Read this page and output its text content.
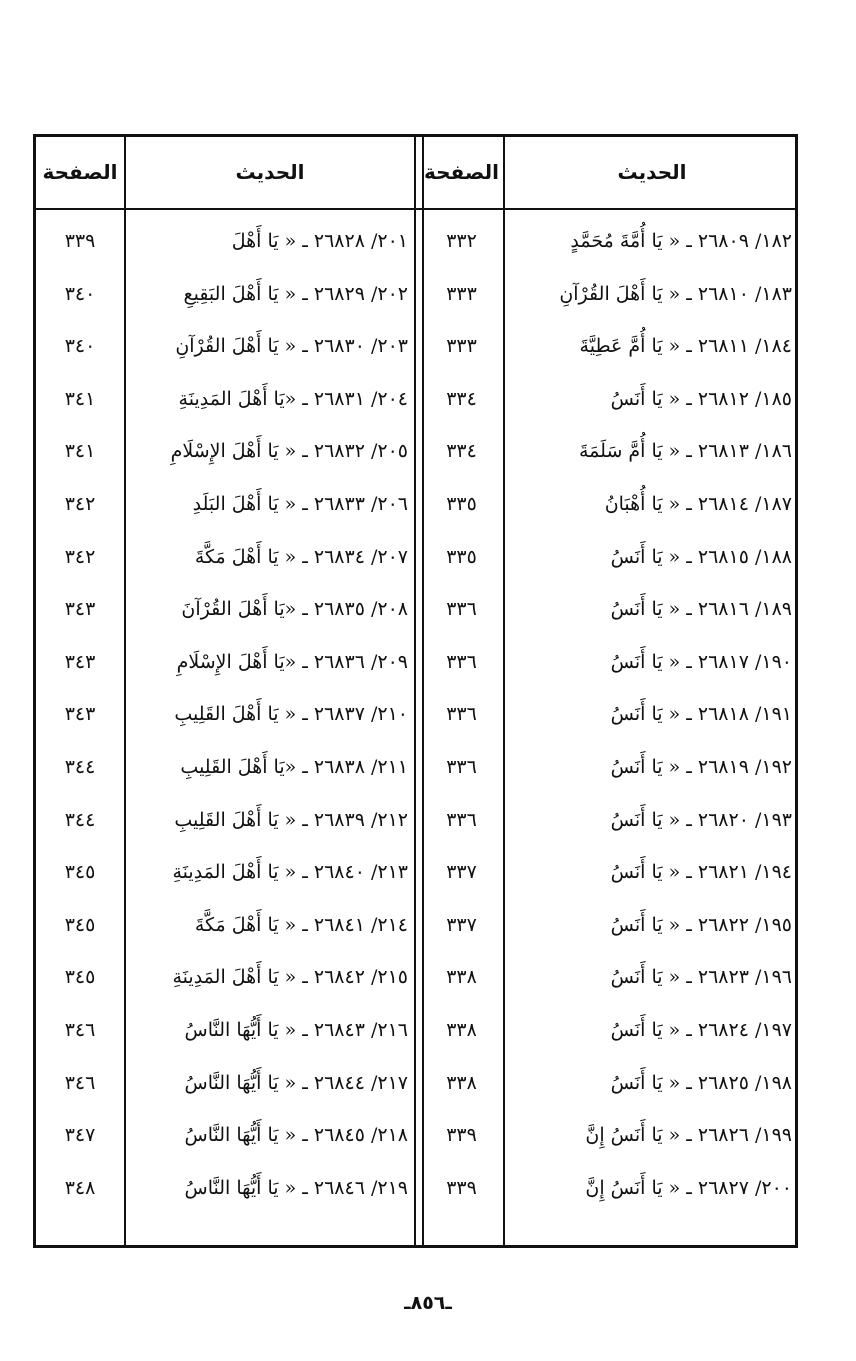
الحديث
الصفحة
الحديث
الصفحة
١٨٢/ ٢٦٨٠٩ ـ « يَا أُمَّةَ مُحَمَّدٍ
٣٣٢
٢٠١/ ٢٦٨٢٨ ـ « يَا أَهْلَ
٣٣٩
١٨٣/ ٢٦٨١٠ ـ « يَا أَهْلَ القُرْآنِ
٣٣٣
٢٠٢/ ٢٦٨٢٩ ـ « يَا أَهْلَ البَقِيعِ
٣٤٠
١٨٤/ ٢٦٨١١ ـ « يَا أُمَّ عَطِيَّةَ
٣٣٣
٢٠٣/ ٢٦٨٣٠ ـ « يَا أَهْلَ القُرْآنِ
٣٤٠
١٨٥/ ٢٦٨١٢ ـ « يَا أَنَسُ
٣٣٤
٢٠٤/ ٢٦٨٣١ ـ «يَا أَهْلَ المَدِينَةِ
٣٤١
١٨٦/ ٢٦٨١٣ ـ « يَا أُمَّ سَلَمَةَ
٣٣٤
٢٠٥/ ٢٦٨٣٢ ـ « يَا أَهْلَ الإِسْلَامِ
٣٤١
١٨٧/ ٢٦٨١٤ ـ « يَا أُهْبَانُ
٣٣٥
٢٠٦/ ٢٦٨٣٣ ـ « يَا أَهْلَ البَلَدِ
٣٤٢
١٨٨/ ٢٦٨١٥ ـ « يَا أَنَسُ
٣٣٥
٢٠٧/ ٢٦٨٣٤ ـ « يَا أَهْلَ مَكَّةَ
٣٤٢
١٨٩/ ٢٦٨١٦ ـ « يَا أَنَسُ
٣٣٦
٢٠٨/ ٢٦٨٣٥ ـ «يَا أَهْلَ القُرْآنَ
٣٤٣
١٩٠/ ٢٦٨١٧ ـ « يَا أَنَسُ
٣٣٦
٢٠٩/ ٢٦٨٣٦ ـ «يَا أَهْلَ الإِسْلَامِ
٣٤٣
١٩١/ ٢٦٨١٨ ـ « يَا أَنَسُ
٣٣٦
٢١٠/ ٢٦٨٣٧ ـ « يَا أَهْلَ القَلِيبِ
٣٤٣
١٩٢/ ٢٦٨١٩ ـ « يَا أَنَسُ
٣٣٦
٢١١/ ٢٦٨٣٨ ـ «يَا أَهْلَ القَلِيبِ
٣٤٤
١٩٣/ ٢٦٨٢٠ ـ « يَا أَنَسُ
٣٣٦
٢١٢/ ٢٦٨٣٩ ـ « يَا أَهْلَ القَلِيبِ
٣٤٤
١٩٤/ ٢٦٨٢١ ـ « يَا أَنَسُ
٣٣٧
٢١٣/ ٢٦٨٤٠ ـ « يَا أَهْلَ المَدِينَةِ
٣٤٥
١٩٥/ ٢٦٨٢٢ ـ « يَا أَنَسُ
٣٣٧
٢١٤/ ٢٦٨٤١ ـ « يَا أَهْلَ مَكَّةَ
٣٤٥
١٩٦/ ٢٦٨٢٣ ـ « يَا أَنَسُ
٣٣٨
٢١٥/ ٢٦٨٤٢ ـ « يَا أَهْلَ المَدِينَةِ
٣٤٥
١٩٧/ ٢٦٨٢٤ ـ « يَا أَنَسُ
٣٣٨
٢١٦/ ٢٦٨٤٣ ـ « يَا أَيُّهَا النَّاسُ
٣٤٦
١٩٨/ ٢٦٨٢٥ ـ « يَا أَنَسُ
٣٣٨
٢١٧/ ٢٦٨٤٤ ـ « يَا أَيُّهَا النَّاسُ
٣٤٦
١٩٩/ ٢٦٨٢٦ ـ « يَا أَنَسُ إِنَّ
٣٣٩
٢١٨/ ٢٦٨٤٥ ـ « يَا أَيُّهَا النَّاسُ
٣٤٧
٢٠٠/ ٢٦٨٢٧ ـ « يَا أَنَسُ إِنَّ
٣٣٩
٢١٩/ ٢٦٨٤٦ ـ « يَا أَيُّهَا النَّاسُ
٣٤٨
ـ٨٥٦ـ
